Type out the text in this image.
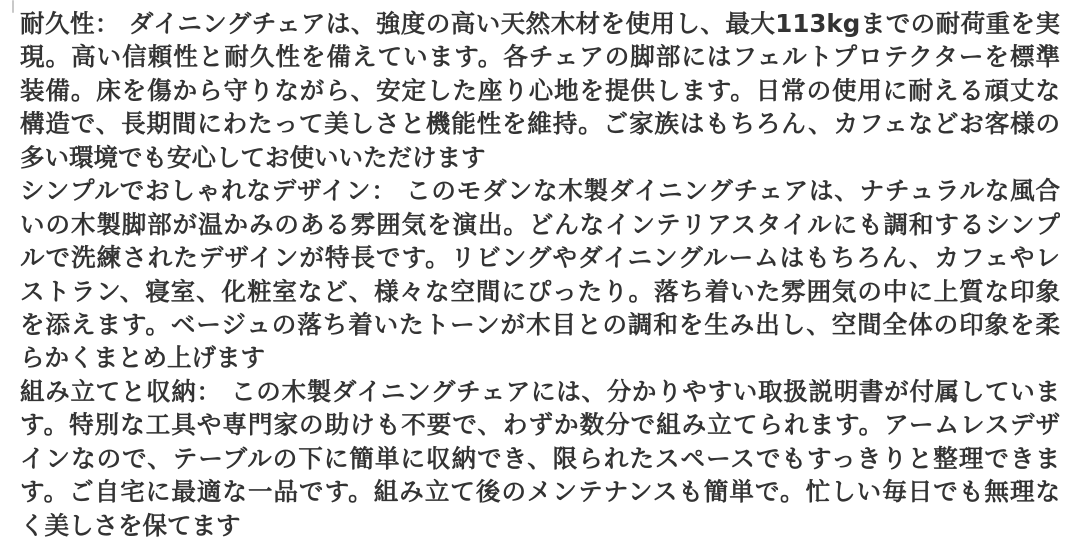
耐久性： ダイニングチェアは、強度の高い天然木材を使用し、最大113kgまでの耐荷重を実
現。高い信頼性と耐久性を備えています。各チェアの脚部にはフェルトプロテクターを標準
装備。床を傷から守りながら、安定した座り心地を提供します。日常の使用に耐える頑丈な
構造で、長期間にわたって美しさと機能性を維持。ご家族はもちろん、カフェなどお客様の
多い環境でも安心してお使いいただけます
シンプルでおしゃれなデザイン： このモダンな木製ダイニングチェアは、ナチュラルな風合
いの木製脚部が温かみのある雰囲気を演出。どんなインテリアスタイルにも調和するシンプ
ルで洗練されたデザインが特長です。リビングやダイニングルームはもちろん、カフェやレ
ストラン、寝室、化粧室など、様々な空間にぴったり。落ち着いた雰囲気の中に上質な印象
を添えます。ベージュの落ち着いたトーンが木目との調和を生み出し、空間全体の印象を柔
らかくまとめ上げます
組み立てと収納： この木製ダイニングチェアには、分かりやすい取扱説明書が付属していま
す。特別な工具や専門家の助けも不要で、わずか数分で組み立てられます。アームレスデザ
インなので、テーブルの下に簡単に収納でき、限られたスペースでもすっきりと整理できま
す。ご自宅に最適な一品です。組み立て後のメンテナンスも簡単で。忙しい毎日でも無理な
く美しさを保てます
